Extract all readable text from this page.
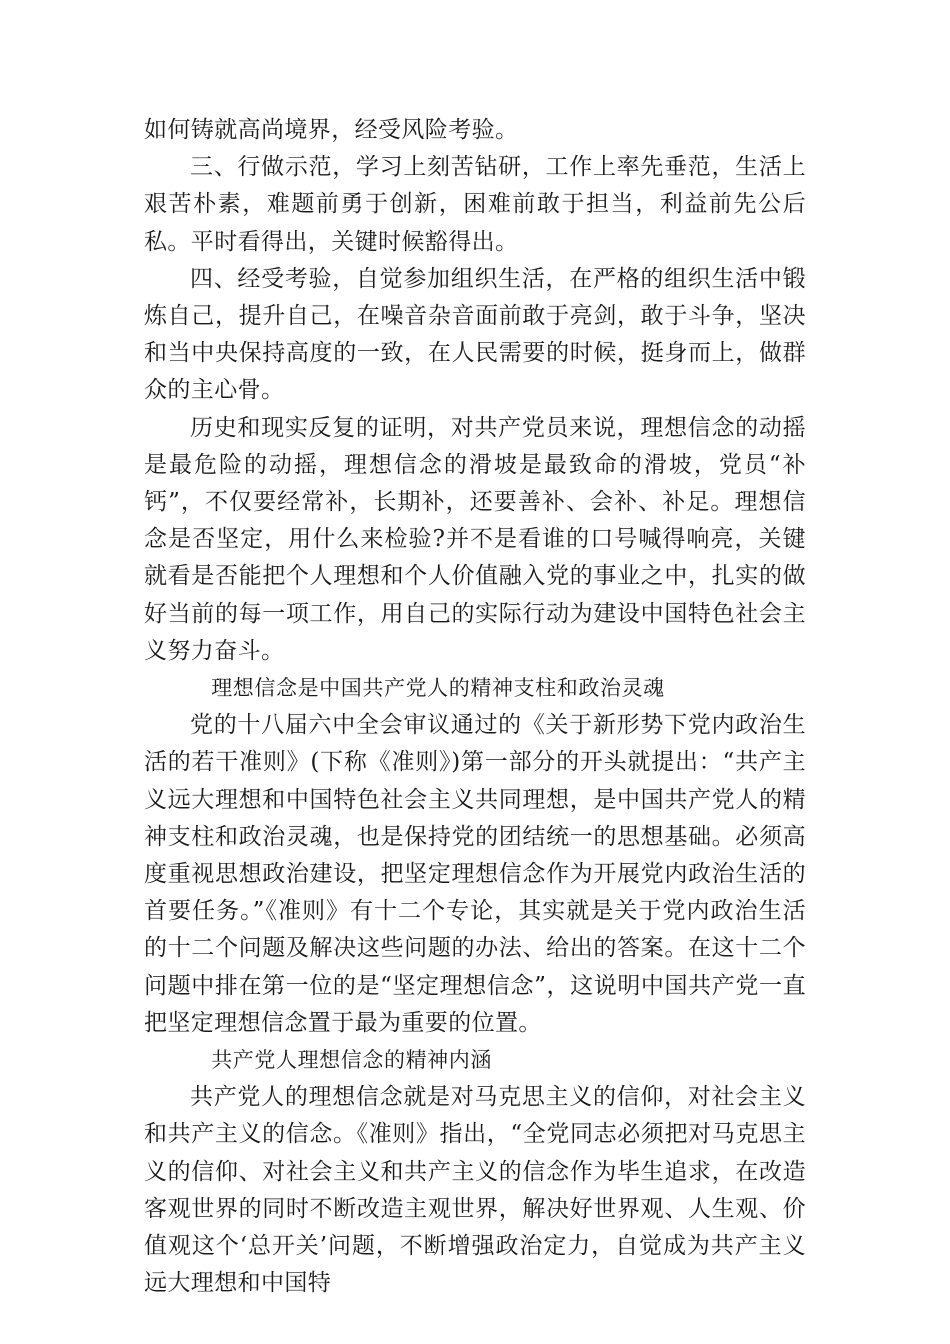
如何铸就高尚境界，经受风险考验。

三、行做示范，学习上刻苦钻研，工作上率先垂范，生活上艰苦朴素，难题前勇于创新，困难前敢于担当，利益前先公后私。平时看得出，关键时候豁得出。

四、经受考验，自觉参加组织生活，在严格的组织生活中锻炼自己，提升自己，在噪音杂音面前敢于亮剑，敢于斗争，坚决和当中央保持高度的一致，在人民需要的时候，挺身而上，做群众的主心骨。

历史和现实反复的证明，对共产党员来说，理想信念的动摇是最危险的动摇，理想信念的滑坡是最致命的滑坡，党员“补钙”，不仅要经常补，长期补，还要善补、会补、补足。理想信念是否坚定，用什么来检验?并不是看谁的口号喊得响亮，关键就看是否能把个人理想和个人价值融入党的事业之中，扎实的做好当前的每一项工作，用自己的实际行动为建设中国特色社会主义努力奋斗。

理想信念是中国共产党人的精神支柱和政治灵魂

党的十八届六中全会审议通过的《关于新形势下党内政治生活的若干准则》(下称《准则》)第一部分的开头就提出：“共产主义远大理想和中国特色社会主义共同理想，是中国共产党人的精神支柱和政治灵魂，也是保持党的团结统一的思想基础。必须高度重视思想政治建设，把坚定理想信念作为开展党内政治生活的首要任务。”《准则》有十二个专论，其实就是关于党内政治生活的十二个问题及解决这些问题的办法、给出的答案。在这十二个问题中排在第一位的是“坚定理想信念”，这说明中国共产党一直把坚定理想信念置于最为重要的位置。

共产党人理想信念的精神内涵

共产党人的理想信念就是对马克思主义的信仰，对社会主义和共产主义的信念。《准则》指出，“全党同志必须把对马克思主义的信仰、对社会主义和共产主义的信念作为毕生追求，在改造客观世界的同时不断改造主观世界，解决好世界观、人生观、价值观这个‘总开关’问题，不断增强政治定力，自觉成为共产主义远大理想和中国特
